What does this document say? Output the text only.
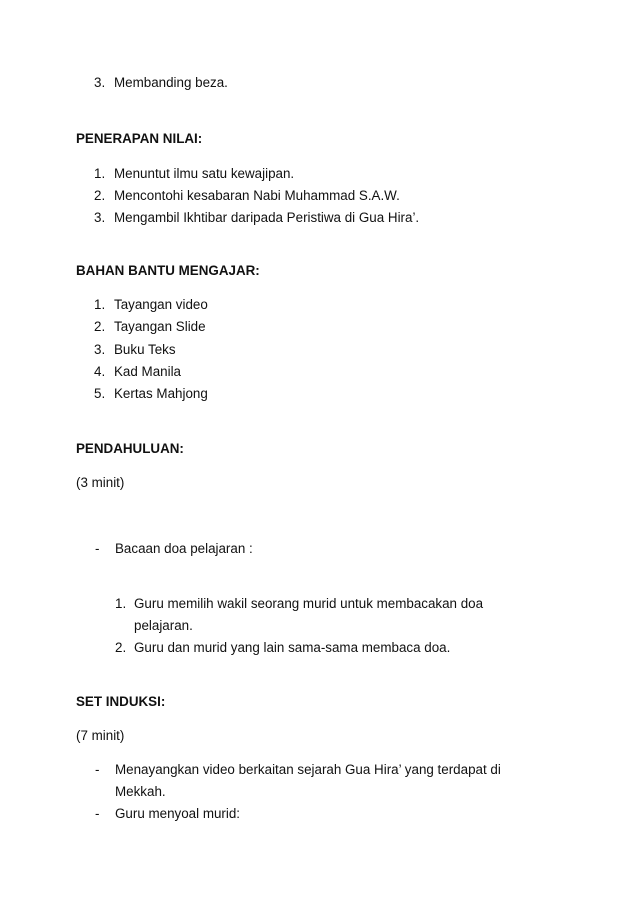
3. Membanding beza.
PENERAPAN NILAI:
1. Menuntut ilmu satu kewajipan.
2. Mencontohi kesabaran Nabi Muhammad S.A.W.
3. Mengambil Ikhtibar daripada Peristiwa di Gua Hira’.
BAHAN BANTU MENGAJAR:
1. Tayangan video
2. Tayangan Slide
3. Buku Teks
4. Kad Manila
5. Kertas Mahjong
PENDAHULUAN:
(3 minit)
- Bacaan doa pelajaran :
1. Guru memilih wakil seorang murid untuk membacakan doa
pelajaran.
2. Guru dan murid yang lain sama-sama membaca doa.
SET INDUKSI:
(7 minit)
- Menayangkan video berkaitan sejarah Gua Hira’ yang terdapat di
Mekkah.
- Guru menyoal murid:
